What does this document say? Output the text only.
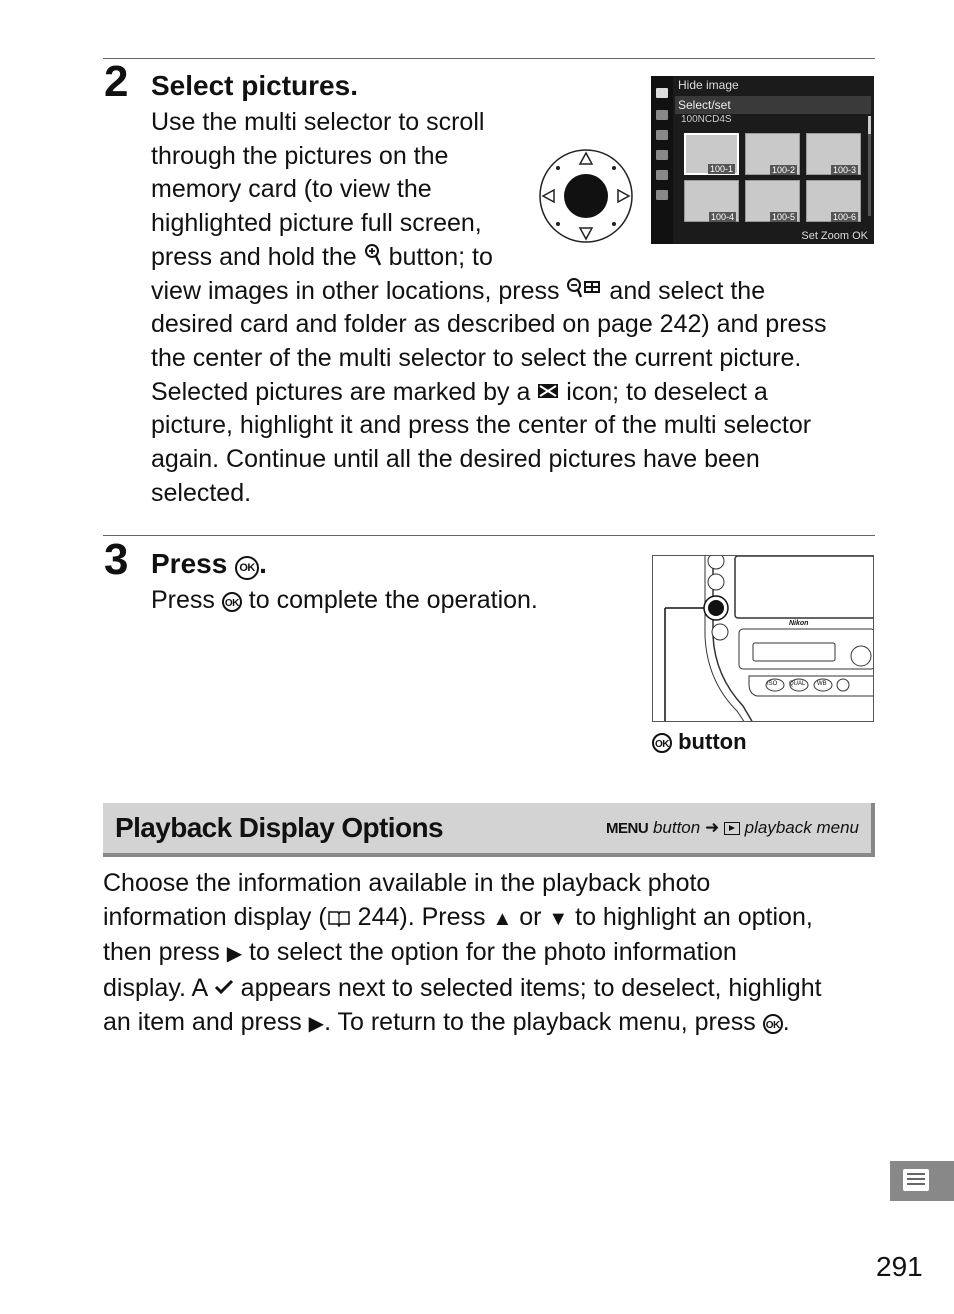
2 Select pictures.

Use the multi selector to scroll

through the pictures on the

memory card (to view the

highlighted picture full screen,

press and hold the  button; to

view images in other locations, press  and select the

desired card and folder as described on page 242) and press

the center of the multi selector to select the current picture.

Selected pictures are marked by a  icon; to deselect a

picture, highlight it and press the center of the multi selector

again. Continue until all the desired pictures have been

selected.

Hide image
Select/set
100NCD4S
100-1	100-2	100-3
100-4	100-5	100-6
Set Zoom OK
3 Press OK .

Press OK to complete the operation.

Nikon
ISO QUAL WB
OK button
Playback Display Options	MENU button ➜  playback menu

Choose the information available in the playback photo

information display ( 244). Press ▲ or ▼ to highlight an option,

then press ▶ to select the option for the photo information

display. A  appears next to selected items; to deselect, highlight

an item and press ▶. To return to the playback menu, press OK .

291
